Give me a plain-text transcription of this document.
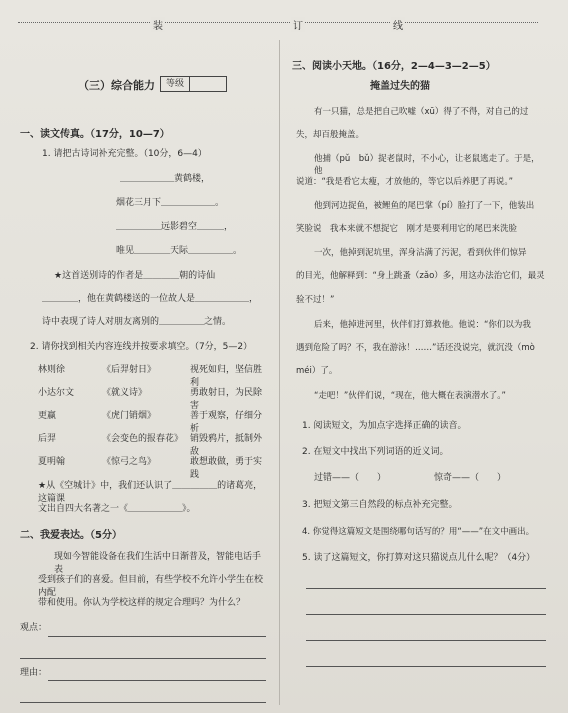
装	订	线
（三）综合能力	等级
一、读文传真。（17分，10—7）
1. 请把古诗词补充完整。（10分，6—4）
＿＿＿＿＿＿黄鹤楼，
烟花三月下＿＿＿＿＿＿。
＿＿＿＿＿远影碧空＿＿＿，
唯见＿＿＿＿天际＿＿＿＿＿。
★这首送别诗的作者是＿＿＿＿朝的诗仙
＿＿＿＿，他在黄鹤楼送的一位故人是＿＿＿＿＿＿，
诗中表现了诗人对朋友离别的＿＿＿＿＿之情。
2. 请你找到相关内容连线并按要求填空。（7分，5—2）
林则徐	《后羿射日》	视死如归，坚信胜利
小达尔文	《就义诗》	勇敢射日，为民除害
更赢	《虎门销烟》	善于观察，仔细分析
后羿	《会变色的报春花》 销毁鸦片，抵制外敌
夏明翰	《惊弓之鸟》	敢想敢做，勇于实践
★从《空城计》中，我们还认识了＿＿＿＿＿的诸葛亮，这篇课
文出自四大名著之一《＿＿＿＿＿＿》。
二、我爱表达。（5分）
现如今智能设备在我们生活中日渐普及，智能电话手表
受到孩子们的喜爱。但目前，有些学校不允许小学生在校内配
带和使用。你认为学校这样的规定合理吗？为什么？
观点：
理由：
三、阅读小天地。（16分，2—4—3—2—5）
掩盖过失的猫
有一只猫，总是把自己吹嘘（xū）得了不得，对自己的过
失，却百般掩盖。
他捕（pǔ　bǔ）捉老鼠时，不小心，让老鼠逃走了。于是，他
说道：“我是看它太瘦，才放他的，等它以后养肥了再说。”
他到河边捉鱼，被鲤鱼的尾巴掌（pí）脸打了一下，他装出
笑脸说　我本来就不想捉它　刚才是要利用它的尾巴来洗脸
一次，他掉到泥坑里，浑身沾满了污泥，看到伙伴们惊异
的目光，他解释到：“身上跳蚤（zǎo）多，用这办法治它们，最灵
验不过！”
后来，他掉进河里，伙伴们打算救他。他说：“你们以为我
遇到危险了吗？不，我在游泳！……”话还没说完，就沉没（mò
méi）了。
“走吧！”伙伴们说，“现在，他大概在表演潜水了。”
1. 阅读短文，为加点字选择正确的读音。
2. 在短文中找出下列词语的近义词。
过错——（　　）	惊奇——（　　）
3. 把短文第三自然段的标点补充完整。
4. 你觉得这篇短文是围绕哪句话写的？用“——”在文中画出。
5. 读了这篇短文，你打算对这只猫说点儿什么呢？（4分）
